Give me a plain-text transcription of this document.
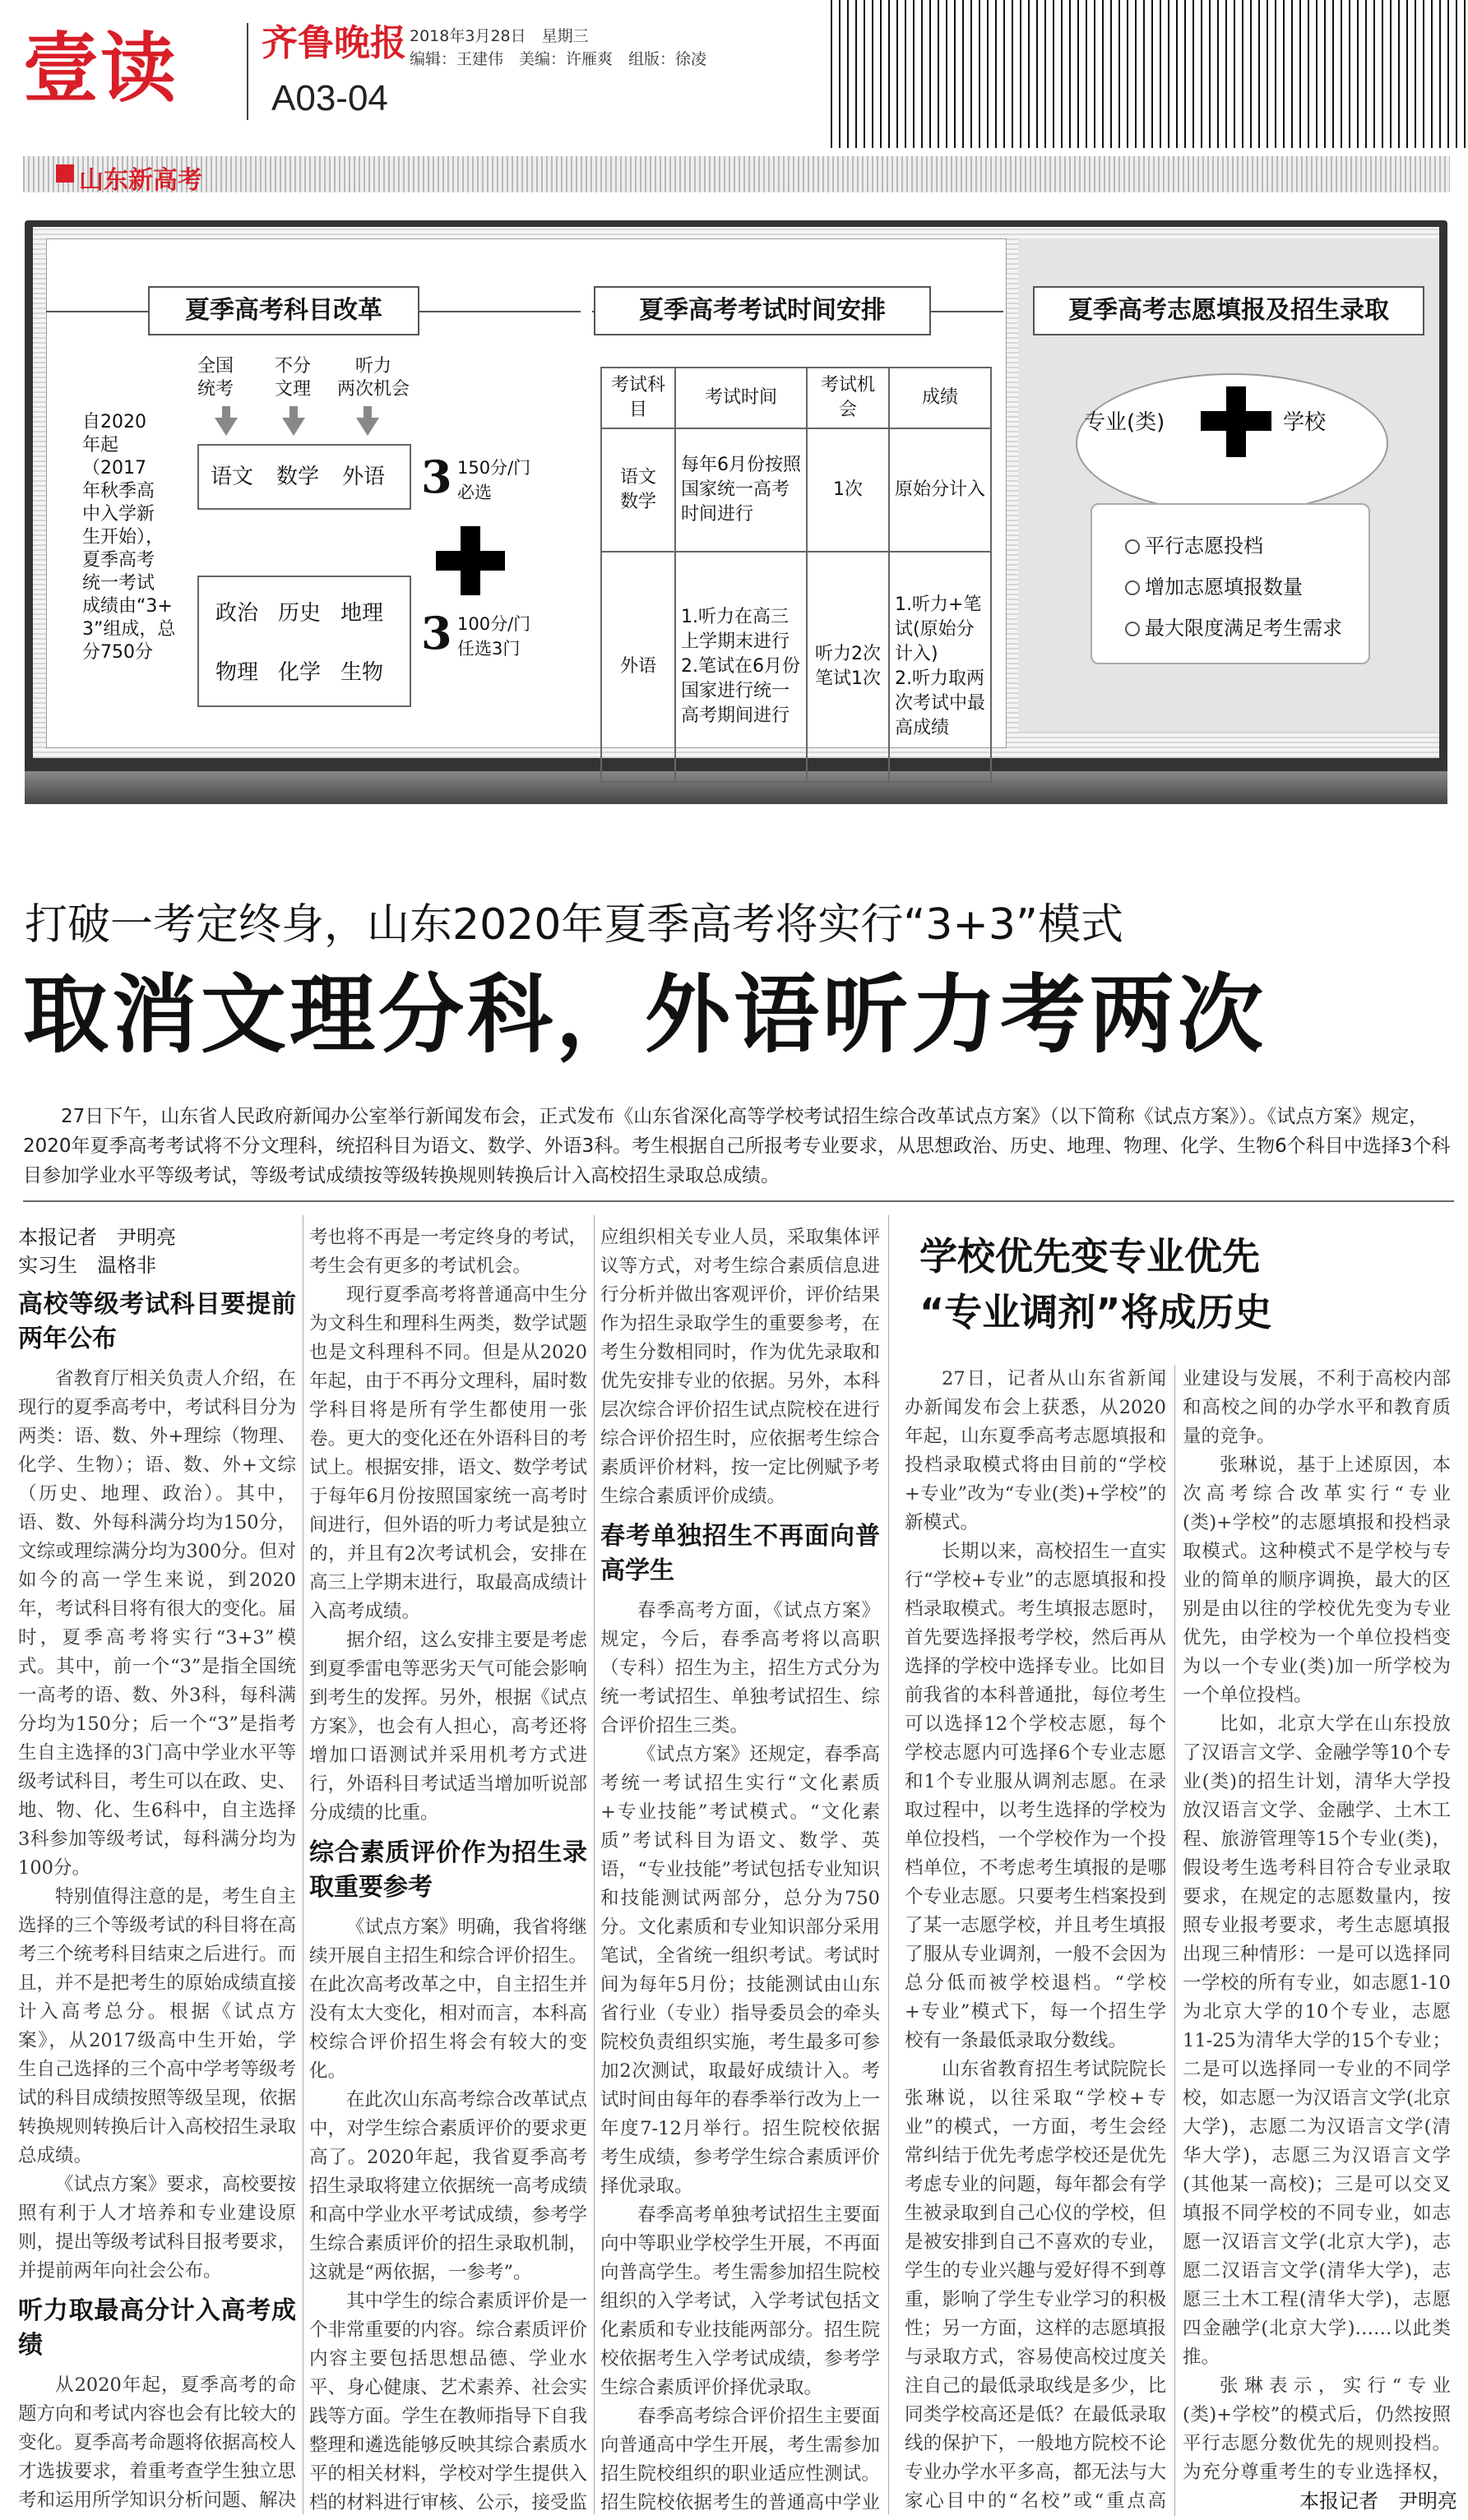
壹读 齐鲁晚报
A03-04
2018年3月28日　星期三
编辑：王建伟　美编：许雁爽　组版：徐凌
山东新高考
夏季高考科目改革
自2020
年起（2017
年秋季高
中入学新
生开始），
夏季高考
统一考试
成绩由“3+
3”组成，总
分750分
全国
统考
不分
文理
听力
两次机会
语文 数学 外语 3 150分/门
必选
政治 历史 地理
物理 化学 生物
3 100分/门
任选3门
夏季高考考试时间安排
考试科目	考试时间	考试机会	成绩
语文
数学	每年6月份按照国家统一高考时间进行	1次	原始分计入
外语	1.听力在高三上学期末进行
2.笔试在6月份国家进行统一高考期间进行	听力2次
笔试1次	1.听力+笔试(原始分计入)
2.听力取两次考试中最高成绩
夏季高考志愿填报及招生录取
专业(类)	学校
平行志愿投档
增加志愿填报数量
最大限度满足考生需求
打破一考定终身，山东2020年夏季高考将实行“3+3”模式
取消文理分科，外语听力考两次
27日下午，山东省人民政府新闻办公室举行新闻发布会，正式发布《山东省深化高等学校考试招生综合改革试点方案》（以下简称《试点方案》）。《试点方案》规定，2020年夏季高考考试将不分文理科，统招科目为语文、数学、外语3科。考生根据自己所报考专业要求，从思想政治、历史、地理、物理、化学、生物6个科目中选择3个科目参加学业水平等级考试，等级考试成绩按等级转换规则转换后计入高校招生录取总成绩。
本报记者　尹明亮
实习生　温格非
高校等级考试科目要提前两年公布

省教育厅相关负责人介绍，在现行的夏季高考中，考试科目分为两类：语、数、外+理综（物理、化学、生物）；语、数、外+文综（历史、地理、政治）。其中，语、数、外每科满分均为150分，文综或理综满分均为300分。但对如今的高一学生来说，到2020年，考试科目将有很大的变化。届时，夏季高考将实行“3+3”模式。其中，前一个“3”是指全国统一高考的语、数、外3科，每科满分均为150分；后一个“3”是指考生自主选择的3门高中学业水平等级考试科目，考生可以在政、史、地、物、化、生6科中，自主选择3科参加等级考试，每科满分均为100分。

特别值得注意的是，考生自主选择的三个等级考试的科目将在高考三个统考科目结束之后进行。而且，并不是把考生的原始成绩直接计入高考总分。根据《试点方案》，从2017级高中生开始，学生自己选择的三个高中学考等级考试的科目成绩按照等级呈现，依据转换规则转换后计入高校招生录取总成绩。

《试点方案》要求，高校要按照有利于人才培养和专业建设原则，提出等级考试科目报考要求，并提前两年向社会公布。

听力取最高分计入高考成绩

从2020年起，夏季高考的命题方向和考试内容也会有比较大的变化。夏季高考命题将依据高校人才选拔要求，着重考查学生独立思考和运用所学知识分析问题、解决

考也将不再是一考定终身的考试，考生会有更多的考试机会。

现行夏季高考将普通高中生分为文科生和理科生两类，数学试题也是文科理科不同。但是从2020年起，由于不再分文理科，届时数学科目将是所有学生都使用一张卷。更大的变化还在外语科目的考试上。根据安排，语文、数学考试于每年6月份按照国家统一高考时间进行，但外语的听力考试是独立的，并且有2次考试机会，安排在高三上学期末进行，取最高成绩计入高考成绩。

据介绍，这么安排主要是考虑到夏季雷电等恶劣天气可能会影响到考生的发挥。另外，根据《试点方案》，也会有人担心，高考还将增加口语测试并采用机考方式进行，外语科目考试适当增加听说部分成绩的比重。

综合素质评价作为招生录取重要参考

《试点方案》明确，我省将继续开展自主招生和综合评价招生。在此次高考改革之中，自主招生并没有太大变化，相对而言，本科高校综合评价招生将会有较大的变化。

在此次山东高考综合改革试点中，对学生综合素质评价的要求更高了。2020年起，我省夏季高考招生录取将建立依据统一高考成绩和高中学业水平考试成绩，参考学生综合素质评价的招生录取机制，这就是“两依据，一参考”。

其中学生的综合素质评价是一个非常重要的内容。综合素质评价内容主要包括思想品德、学业水平、身心健康、艺术素养、社会实践等方面。学生在教师指导下自我整理和遴选能够反映其综合素质水平的相关材料，学校对学生提供入档的材料进行审核、公示，接受监

应组织相关专业人员，采取集体评议等方式，对考生综合素质信息进行分析并做出客观评价，评价结果作为招生录取学生的重要参考，在考生分数相同时，作为优先录取和优先安排专业的依据。另外，本科层次综合评价招生试点院校在进行综合评价招生时，应依据考生综合素质评价材料，按一定比例赋予考生综合素质评价成绩。

春考单独招生不再面向普高学生

春季高考方面，《试点方案》规定，今后，春季高考将以高职（专科）招生为主，招生方式分为统一考试招生、单独考试招生、综合评价招生三类。

《试点方案》还规定，春季高考统一考试招生实行“文化素质+专业技能”考试模式。“文化素质”考试科目为语文、数学、英语，“专业技能”考试包括专业知识和技能测试两部分，总分为750分。文化素质和专业知识部分采用笔试，全省统一组织考试。考试时间为每年5月份；技能测试由山东省行业（专业）指导委员会的牵头院校负责组织实施，考生最多可参加2次测试，取最好成绩计入。考试时间由每年的春季举行改为上一年度7-12月举行。招生院校依据考生成绩，参考学生综合素质评价择优录取。

春季高考单独考试招生主要面向中等职业学校学生开展，不再面向普高学生。考生需参加招生院校组织的入学考试，入学考试包括文化素质和专业技能两部分。招生院校依据考生入学考试成绩，参考学生综合素质评价择优录取。

春季高考综合评价招生主要面向普通高中学生开展，考生需参加招生院校组织的职业适应性测试。招生院校依据考生的普通高中学业

学校优先变专业优先
“专业调剂”将成历史

27日，记者从山东省新闻办新闻发布会上获悉，从2020年起，山东夏季高考志愿填报和投档录取模式将由目前的“学校+专业”改为“专业(类)+学校”的新模式。

长期以来，高校招生一直实行“学校+专业”的志愿填报和投档录取模式。考生填报志愿时，首先要选择报考学校，然后再从选择的学校中选择专业。比如目前我省的本科普通批，每位考生可以选择12个学校志愿，每个学校志愿内可选择6个专业志愿和1个专业服从调剂志愿。在录取过程中，以考生选择的学校为单位投档，一个学校作为一个投档单位，不考虑考生填报的是哪个专业志愿。只要考生档案投到了某一志愿学校，并且考生填报了服从专业调剂，一般不会因为总分低而被学校退档。“学校+专业”模式下，每一个招生学校有一条最低录取分数线。

山东省教育招生考试院院长张琳说，以往采取“学校+专业”的模式，一方面，考生会经常纠结于优先考虑学校还是优先考虑专业的问题，每年都会有学生被录取到自己心仪的学校，但是被安排到自己不喜欢的专业，学生的专业兴趣与爱好得不到尊重，影响了学生专业学习的积极性；另一方面，这样的志愿填报与录取方式，容易使高校过度关注自己的最低录取线是多少，比同类学校高还是低？在最低录取线的保护下，一般地方院校不论专业办学水平多高，都无法与大家心目中的“名校”或“重点高

业建设与发展，不利于高校内部和高校之间的办学水平和教育质量的竞争。

张琳说，基于上述原因，本次高考综合改革实行“专业(类)+学校”的志愿填报和投档录取模式。这种模式不是学校与专业的简单的顺序调换，最大的区别是由以往的学校优先变为专业优先，由学校为一个单位投档变为以一个专业(类)加一所学校为一个单位投档。

比如，北京大学在山东投放了汉语言文学、金融学等10个专业(类)的招生计划，清华大学投放汉语言文学、金融学、土木工程、旅游管理等15个专业(类)，假设考生选考科目符合专业录取要求，在规定的志愿数量内，按照专业报考要求，考生志愿填报出现三种情形：一是可以选择同一学校的所有专业，如志愿1-10为北京大学的10个专业，志愿11-25为清华大学的15个专业；二是可以选择同一专业的不同学校，如志愿一为汉语言文学(北京大学)，志愿二为汉语言文学(清华大学)，志愿三为汉语言文学(其他某一高校)；三是可以交叉填报不同学校的不同专业，如志愿一汉语言文学(北京大学)，志愿二汉语言文学(清华大学)，志愿三土木工程(清华大学)，志愿四金融学(北京大学)……以此类推。

张琳表示，实行“专业(类)+学校”的模式后，仍然按照平行志愿分数优先的规则投档。为充分尊重考生的专业选择权，

本报记者　尹明亮
